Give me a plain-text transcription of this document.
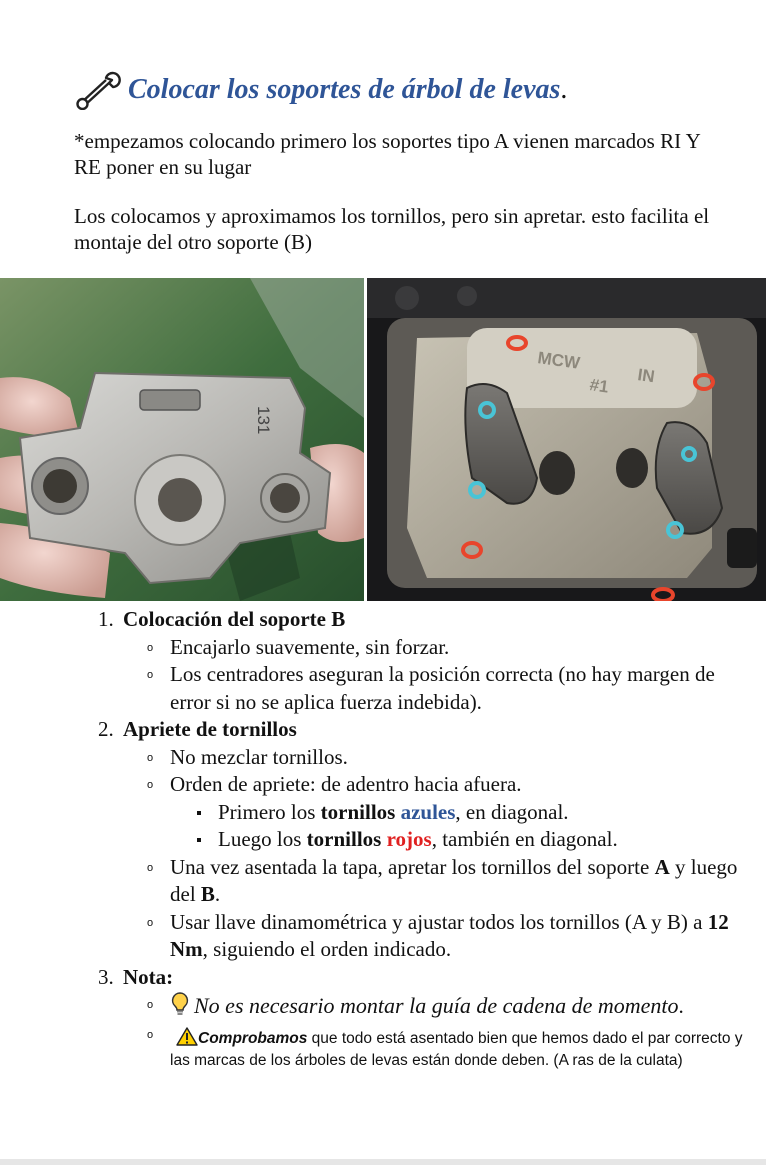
Colocar los soportes de árbol de levas .

*empezamos colocando primero los soportes tipo A vienen marcados RI Y RE poner en su lugar

Los colocamos y aproximamos los tornillos, pero sin apretar. esto facilita el montaje del otro soporte (B)

131
MCW
IN
#1
1. Colocación del soporte B
o Encajarlo suavemente, sin forzar.
o Los centradores aseguran la posición correcta (no hay margen de error si no se aplica fuerza indebida).
2. Apriete de tornillos
o No mezclar tornillos.
o Orden de apriete: de adentro hacia afuera.
Primero los tornillos azules, en diagonal.
Luego los tornillos rojos, también en diagonal.
o Una vez asentada la tapa, apretar los tornillos del soporte A y luego del B.
o Usar llave dinamométrica y ajustar todos los tornillos (A y B) a 12 Nm, siguiendo el orden indicado.
3. Nota:
o No es necesario montar la guía de cadena de momento.
o Comprobamos que todo está asentado bien que hemos dado el par correcto y las marcas de los árboles de levas están donde deben. (A ras de la culata)
